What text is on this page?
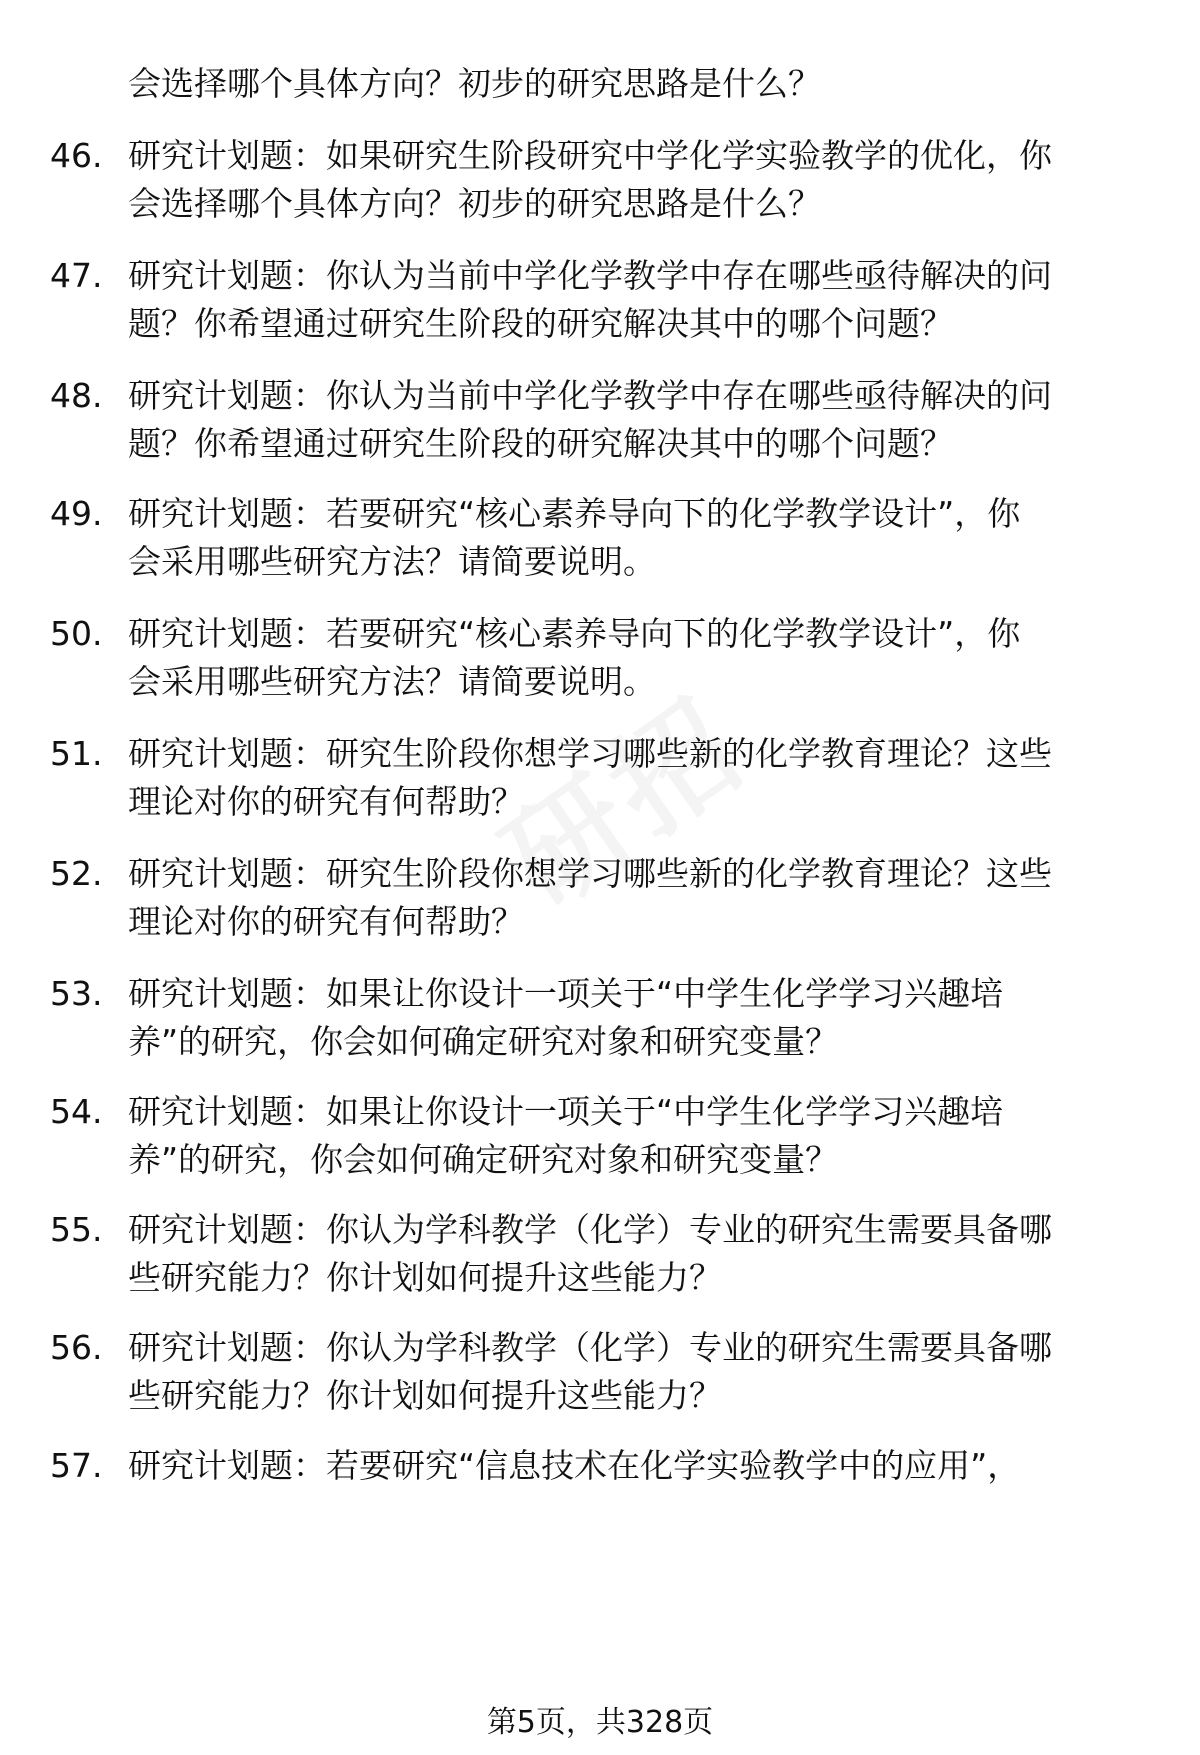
会选择哪个具体方向？初步的研究思路是什么？
46. 研究计划题：如果研究生阶段研究中学化学实验教学的优化，你
会选择哪个具体方向？初步的研究思路是什么？
47. 研究计划题：你认为当前中学化学教学中存在哪些亟待解决的问
题？你希望通过研究生阶段的研究解决其中的哪个问题？
48. 研究计划题：你认为当前中学化学教学中存在哪些亟待解决的问
题？你希望通过研究生阶段的研究解决其中的哪个问题？
49. 研究计划题：若要研究“核心素养导向下的化学教学设计”，你
会采用哪些研究方法？请简要说明。
50. 研究计划题：若要研究“核心素养导向下的化学教学设计”，你
会采用哪些研究方法？请简要说明。
51. 研究计划题：研究生阶段你想学习哪些新的化学教育理论？这些
理论对你的研究有何帮助？
52. 研究计划题：研究生阶段你想学习哪些新的化学教育理论？这些
理论对你的研究有何帮助？
53. 研究计划题：如果让你设计一项关于“中学生化学学习兴趣培
养”的研究，你会如何确定研究对象和研究变量？
54. 研究计划题：如果让你设计一项关于“中学生化学学习兴趣培
养”的研究，你会如何确定研究对象和研究变量？
55. 研究计划题：你认为学科教学（化学）专业的研究生需要具备哪
些研究能力？你计划如何提升这些能力？
56. 研究计划题：你认为学科教学（化学）专业的研究生需要具备哪
些研究能力？你计划如何提升这些能力？
57. 研究计划题：若要研究“信息技术在化学实验教学中的应用”，
第5页，共328页
